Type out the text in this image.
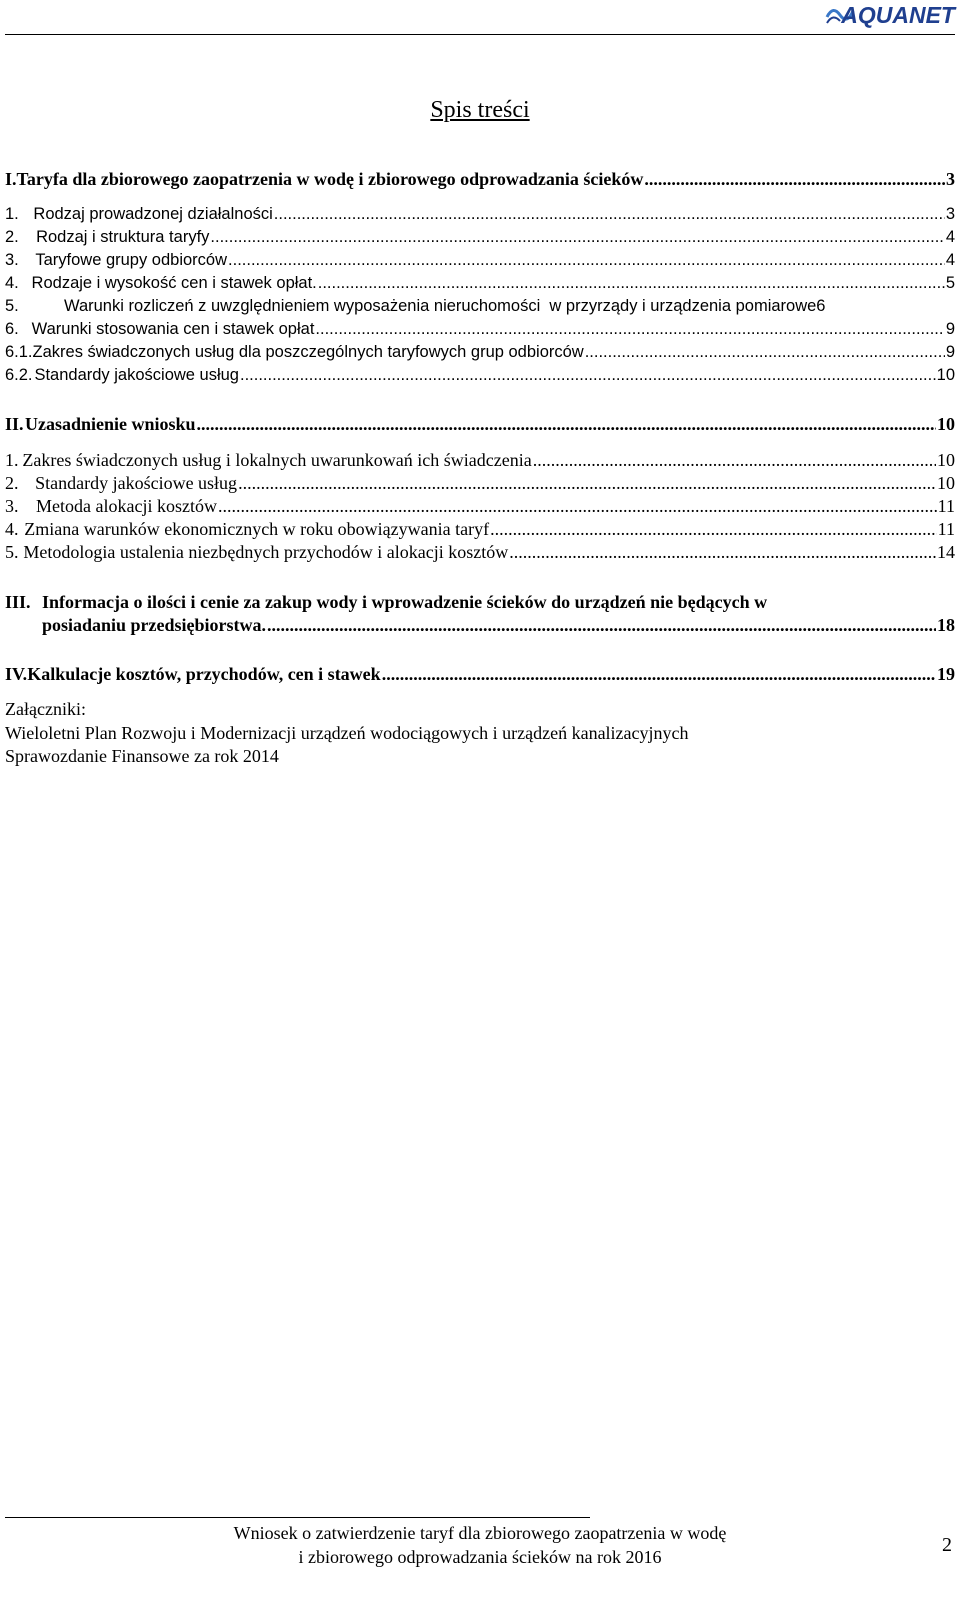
AQUANET
Spis treści
I. Taryfa dla zbiorowego zaopatrzenia w wodę i zbiorowego odprowadzania ścieków .....	3
1. Rodzaj prowadzonej działalności .....	3
2.	Rodzaj i struktura taryfy .....	4
3.	Taryfowe grupy odbiorców .....	4
4. Rodzaje i wysokość cen i stawek opłat. .....	5
5.	Warunki rozliczeń z uwzględnieniem wyposażenia nieruchomości  w przyrządy i urządzenia pomiarowe 6
6. Warunki stosowania cen i stawek opłat .....	9
6.1. Zakres świadczonych usług dla poszczególnych taryfowych grup odbiorców .....	9
6.2. Standardy jakościowe usług .....	10
II. Uzasadnienie wniosku .....	10
1. Zakres świadczonych usług i lokalnych uwarunkowań ich świadczenia .....	10
2. Standardy jakościowe usług .....	10
3. Metoda alokacji kosztów .....	11
4. Zmiana warunków ekonomicznych w roku obowiązywania taryf .....	11
5. Metodologia ustalenia niezbędnych przychodów i alokacji kosztów .....	14
III. Informacja o ilości i cenie za zakup wody i wprowadzenie ścieków do urządzeń nie będących w
posiadaniu przedsiębiorstwa. .....	18
IV. Kalkulacje kosztów, przychodów, cen i stawek .....	19
Załączniki:
Wieloletni Plan Rozwoju i Modernizacji urządzeń wodociągowych i urządzeń kanalizacyjnych
Sprawozdanie Finansowe za rok 2014
Wniosek o zatwierdzenie taryf dla zbiorowego zaopatrzenia w wodę
i zbiorowego odprowadzania ścieków na rok 2016
2
